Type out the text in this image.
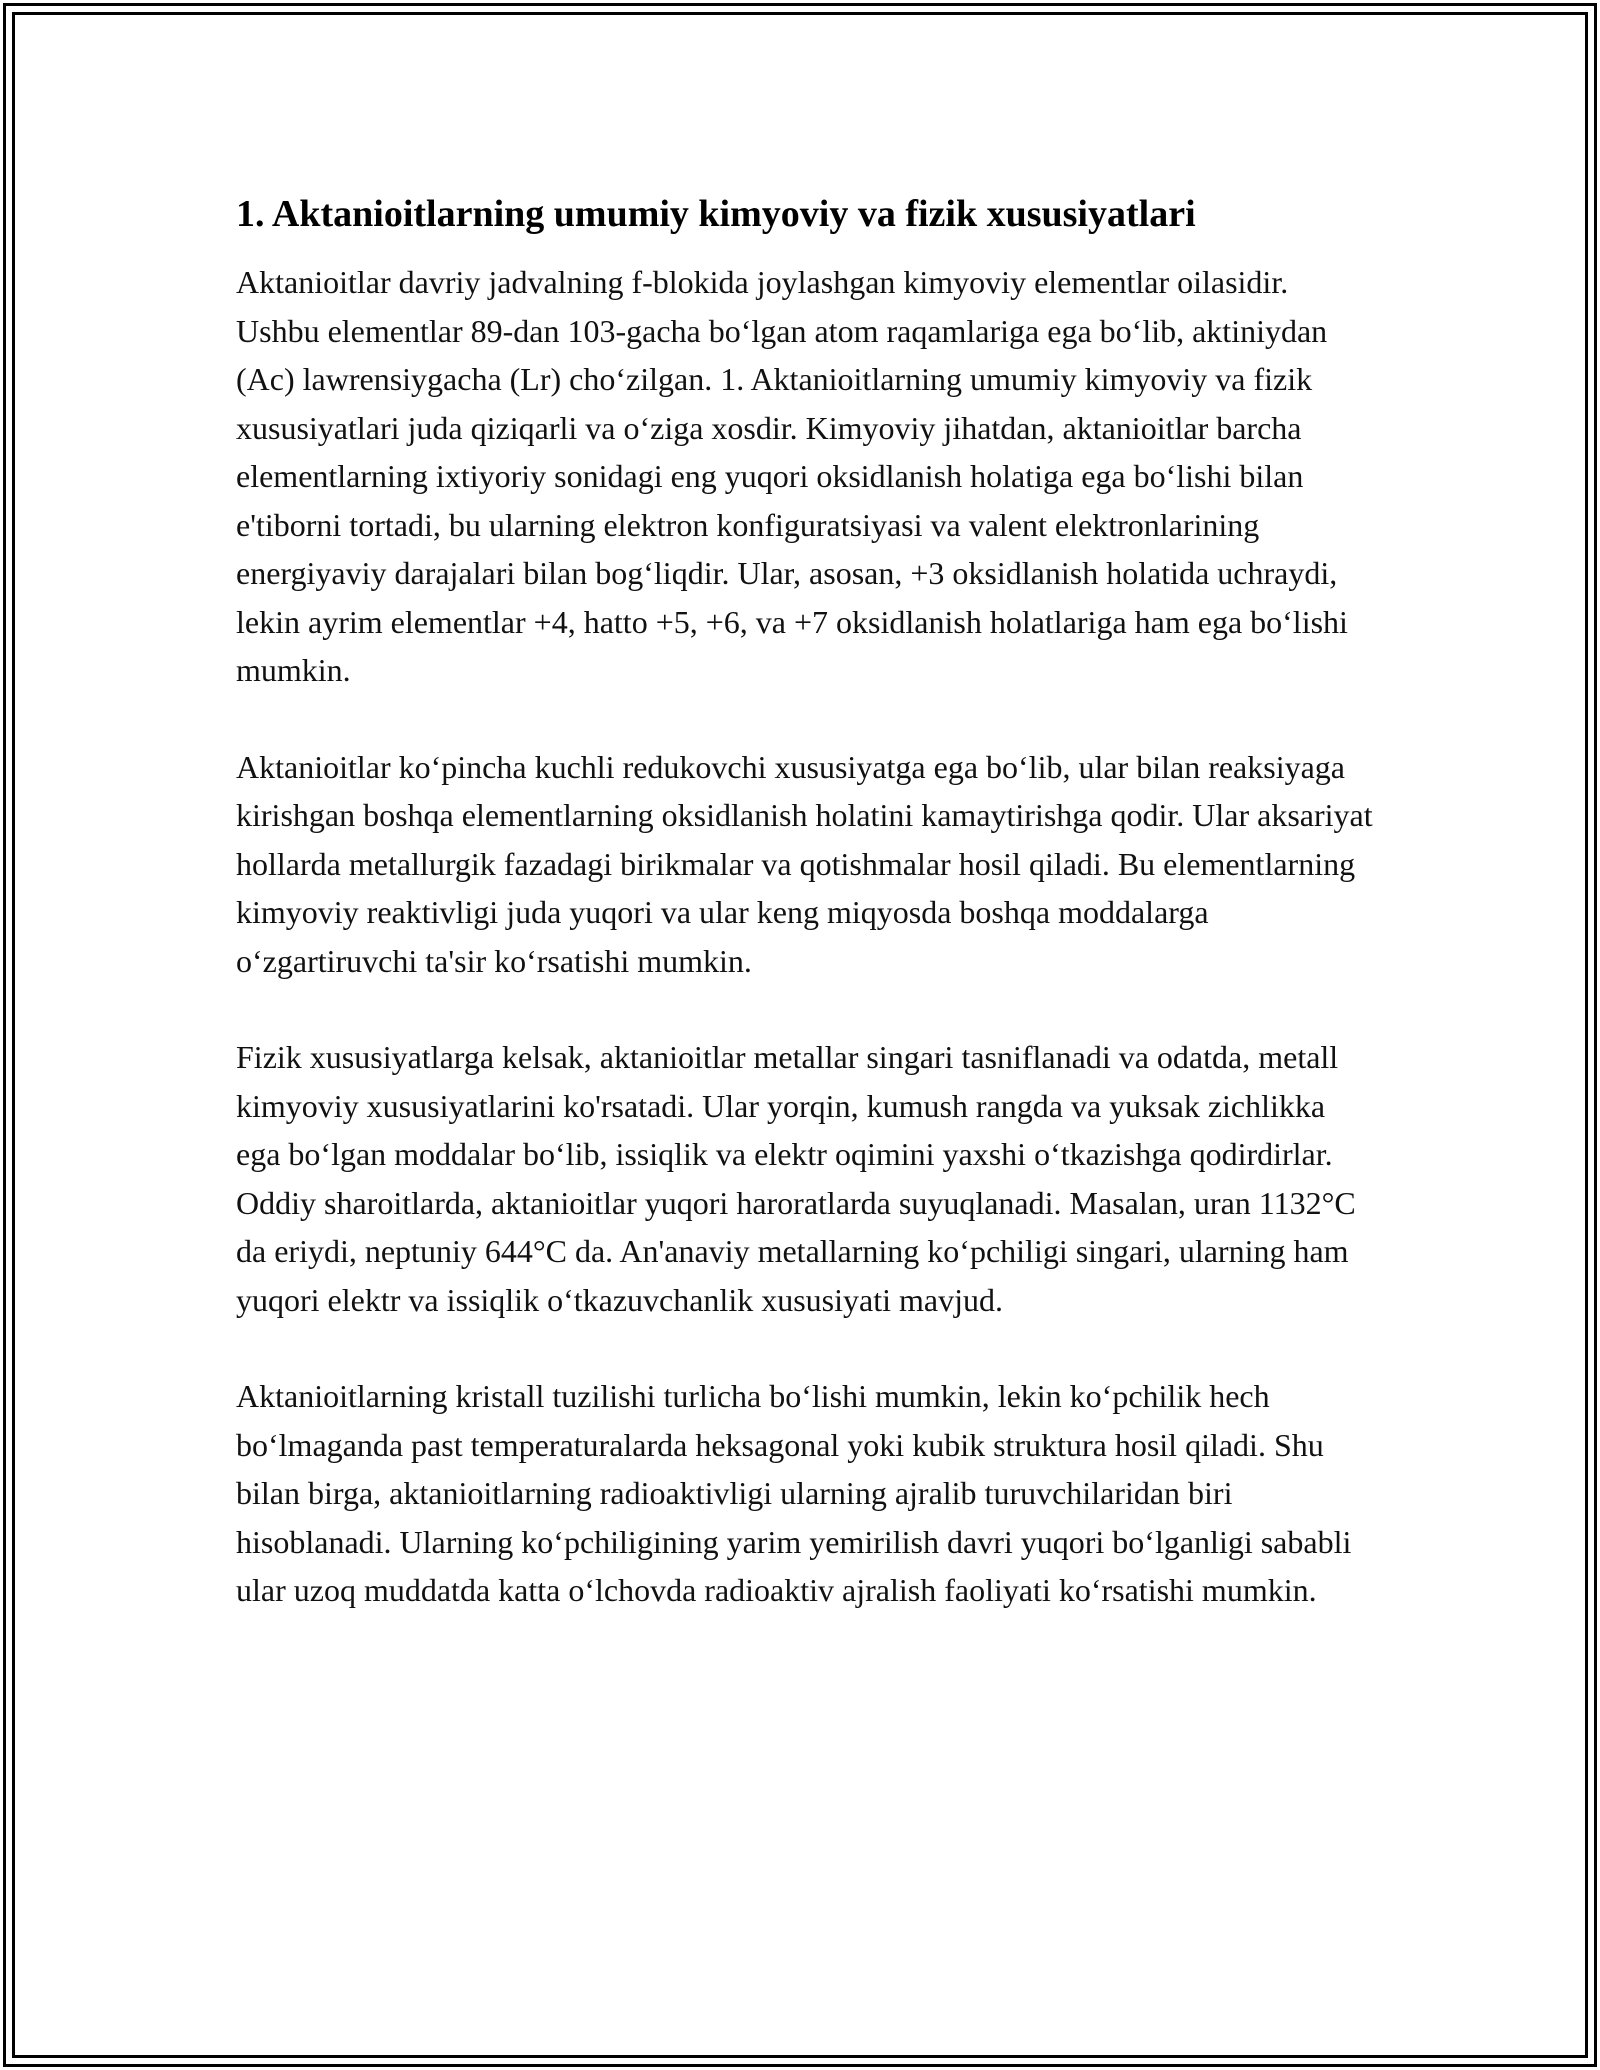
1. Aktanioitlarning umumiy kimyoviy va fizik xususiyatlari

Aktanioitlar davriy jadvalning f-blokida joylashgan kimyoviy elementlar oilasidir. Ushbu elementlar 89-dan 103-gacha bo‘lgan atom raqamlariga ega bo‘lib, aktiniydan (Ac) lawrensiygacha (Lr) cho‘zilgan. 1. Aktanioitlarning umumiy kimyoviy va fizik xususiyatlari juda qiziqarli va o‘ziga xosdir. Kimyoviy jihatdan, aktanioitlar barcha elementlarning ixtiyoriy sonidagi eng yuqori oksidlanish holatiga ega bo‘lishi bilan e'tiborni tortadi, bu ularning elektron konfiguratsiyasi va valent elektronlarining energiyaviy darajalari bilan bog‘liqdir. Ular, asosan, +3 oksidlanish holatida uchraydi, lekin ayrim elementlar +4, hatto +5, +6, va +7 oksidlanish holatlariga ham ega bo‘lishi mumkin.

Aktanioitlar ko‘pincha kuchli redukovchi xususiyatga ega bo‘lib, ular bilan reaksiyaga kirishgan boshqa elementlarning oksidlanish holatini kamaytirishga qodir. Ular aksariyat hollarda metallurgik fazadagi birikmalar va qotishmalar hosil qiladi. Bu elementlarning kimyoviy reaktivligi juda yuqori va ular keng miqyosda boshqa moddalarga o‘zgartiruvchi ta'sir ko‘rsatishi mumkin.

Fizik xususiyatlarga kelsak, aktanioitlar metallar singari tasniflanadi va odatda, metall kimyoviy xususiyatlarini ko'rsatadi. Ular yorqin, kumush rangda va yuksak zichlikka ega bo‘lgan moddalar bo‘lib, issiqlik va elektr oqimini yaxshi o‘tkazishga qodirdirlar. Oddiy sharoitlarda, aktanioitlar yuqori haroratlarda suyuqlanadi. Masalan, uran 1132°C da eriydi, neptuniy 644°C da. An'anaviy metallarning ko‘pchiligi singari, ularning ham yuqori elektr va issiqlik o‘tkazuvchanlik xususiyati mavjud.

Aktanioitlarning kristall tuzilishi turlicha bo‘lishi mumkin, lekin ko‘pchilik hech bo‘lmaganda past temperaturalarda heksagonal yoki kubik struktura hosil qiladi. Shu bilan birga, aktanioitlarning radioaktivligi ularning ajralib turuvchilaridan biri hisoblanadi. Ularning ko‘pchiligining yarim yemirilish davri yuqori bo‘lganligi sababli ular uzoq muddatda katta o‘lchovda radioaktiv ajralish faoliyati ko‘rsatishi mumkin.
